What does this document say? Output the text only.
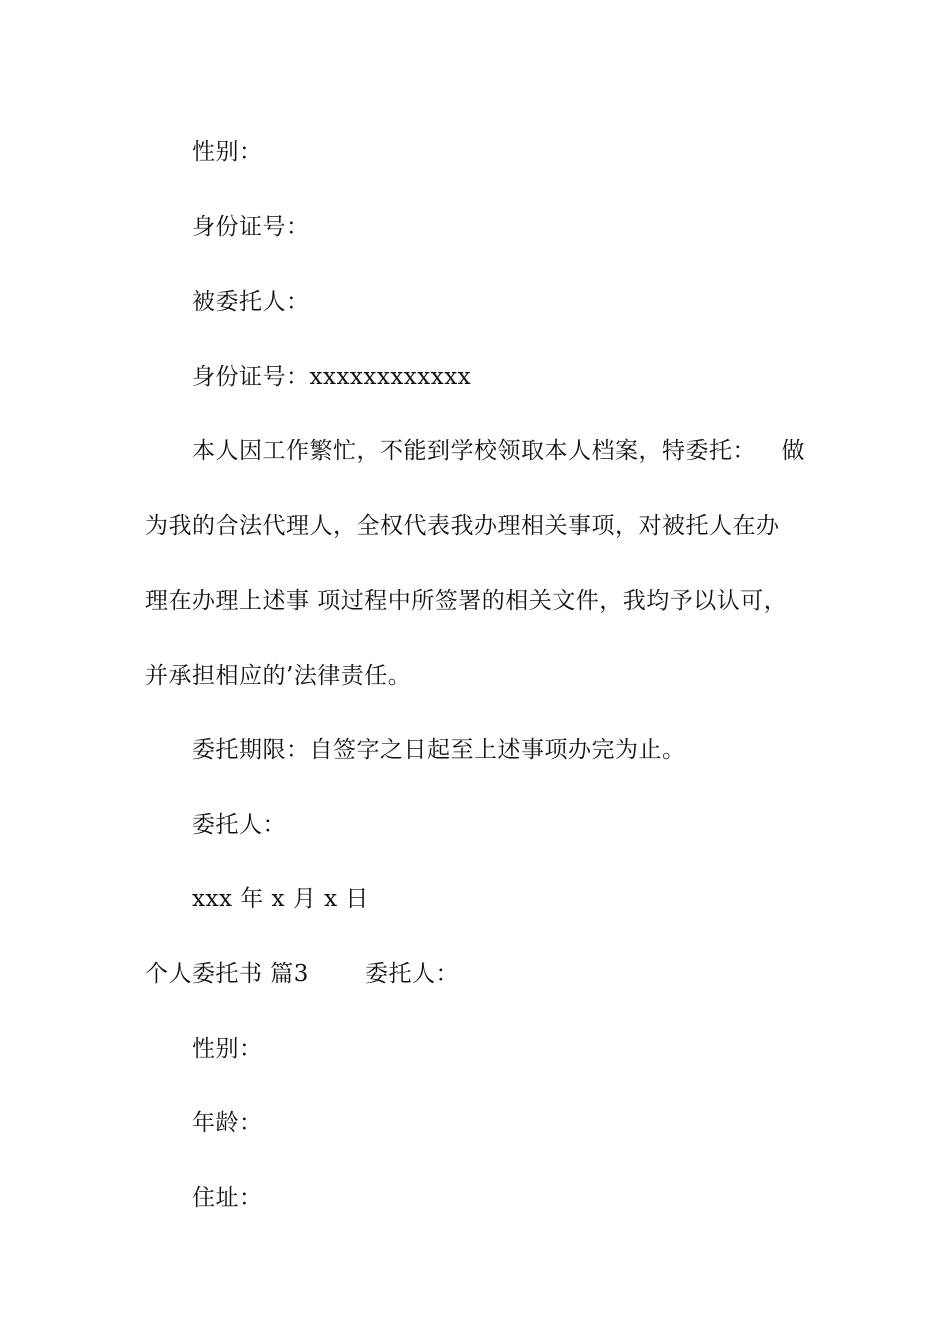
性别：
身份证号：
被委托人：
身份证号：xxxxxxxxxxxx
本人因工作繁忙，不能到学校领取本人档案，特委托： 做
为我的合法代理人，全权代表我办理相关事项，对被托人在办
理在办理上述事 项过程中所签署的相关文件，我均予以认可，
并承担相应的’法律责任。
委托期限：自签字之日起至上述事项办完为止。
委托人：
xxx 年 x 月 x 日
个人委托书 篇3 委托人：
性别：
年龄：
住址：
